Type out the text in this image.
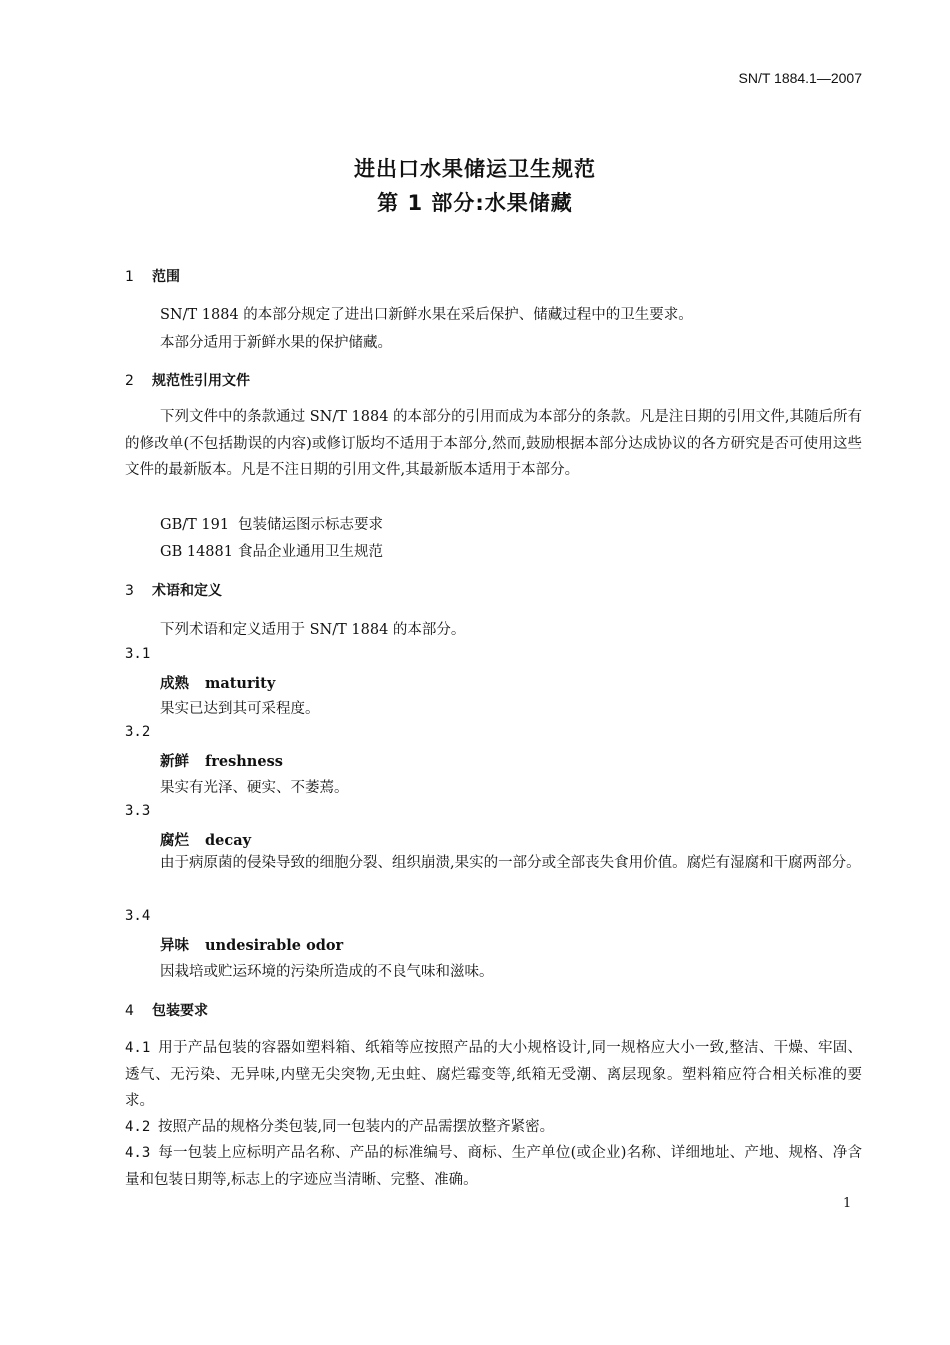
SN/T 1884.1—2007
进出口水果储运卫生规范
第 1 部分:水果储藏
1 范围
SN/T 1884 的本部分规定了进出口新鲜水果在采后保护、储藏过程中的卫生要求。
本部分适用于新鲜水果的保护储藏。
2 规范性引用文件
下列文件中的条款通过 SN/T 1884 的本部分的引用而成为本部分的条款。凡是注日期的引用文件,其随后所有的修改单(不包括勘误的内容)或修订版均不适用于本部分,然而,鼓励根据本部分达成协议的各方研究是否可使用这些文件的最新版本。凡是不注日期的引用文件,其最新版本适用于本部分。
GB/T 191 包装储运图示标志要求
GB 14881 食品企业通用卫生规范
3 术语和定义
下列术语和定义适用于 SN/T 1884 的本部分。
3.1
成熟 maturity
果实已达到其可采程度。
3.2
新鲜 freshness
果实有光泽、硬实、不萎蔫。
3.3
腐烂 decay
由于病原菌的侵染导致的细胞分裂、组织崩溃,果实的一部分或全部丧失食用价值。腐烂有湿腐和干腐两部分。
3.4
异味 undesirable odor
因栽培或贮运环境的污染所造成的不良气味和滋味。
4 包装要求
4.1 用于产品包装的容器如塑料箱、纸箱等应按照产品的大小规格设计,同一规格应大小一致,整洁、干燥、牢固、透气、无污染、无异味,内壁无尖突物,无虫蛀、腐烂霉变等,纸箱无受潮、离层现象。塑料箱应符合相关标准的要求。
4.2 按照产品的规格分类包装,同一包装内的产品需摆放整齐紧密。
4.3 每一包装上应标明产品名称、产品的标准编号、商标、生产单位(或企业)名称、详细地址、产地、规格、净含量和包装日期等,标志上的字迹应当清晰、完整、准确。
1
